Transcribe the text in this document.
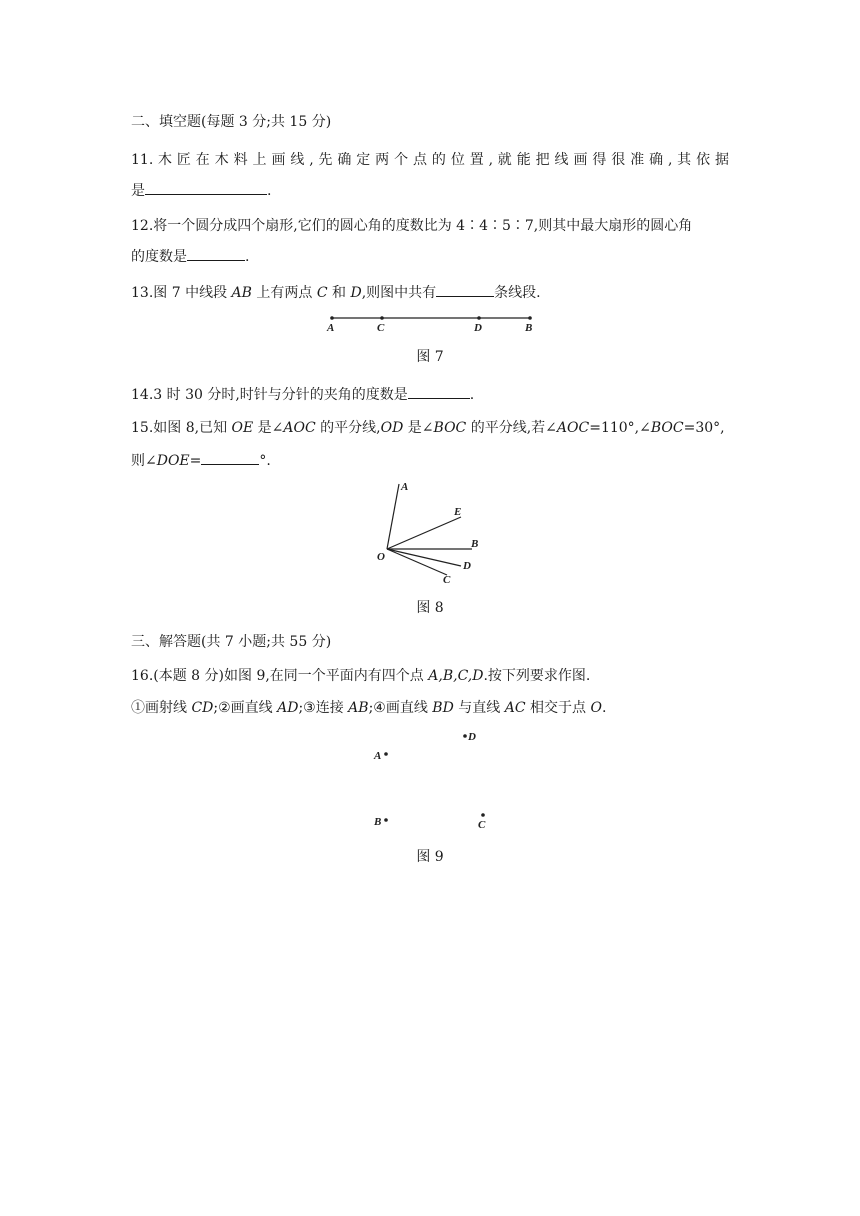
二、填空题(每题 3 分;共 15 分)
11. 木 匠 在 木 料 上 画 线 , 先 确 定 两 个 点 的 位 置 , 就 能 把 线 画 得 很 准 确 , 其 依 据
是	.
12.将一个圆分成四个扇形,它们的圆心角的度数比为 4∶4∶5∶7,则其中最大扇形的圆心角
的度数是	.
13.图 7 中线段 AB 上有两点 C 和 D,则图中共有	条线段.
A	C	D	B
图 7
14.3 时 30 分时,时针与分针的夹角的度数是	.
15.如图 8,已知 OE 是∠AOC 的平分线,OD 是∠BOC 的平分线,若∠AOC=110°,∠BOC=30°,
则∠DOE=	°.
A
E
B
D
C
O
图 8
三、解答题(共 7 小题;共 55 分)
16.(本题 8 分)如图 9,在同一个平面内有四个点 A,B,C,D.按下列要求作图.
①画射线 CD;②画直线 AD;③连接 AB;④画直线 BD 与直线 AC 相交于点 O.
A
B	C
D
图 9
